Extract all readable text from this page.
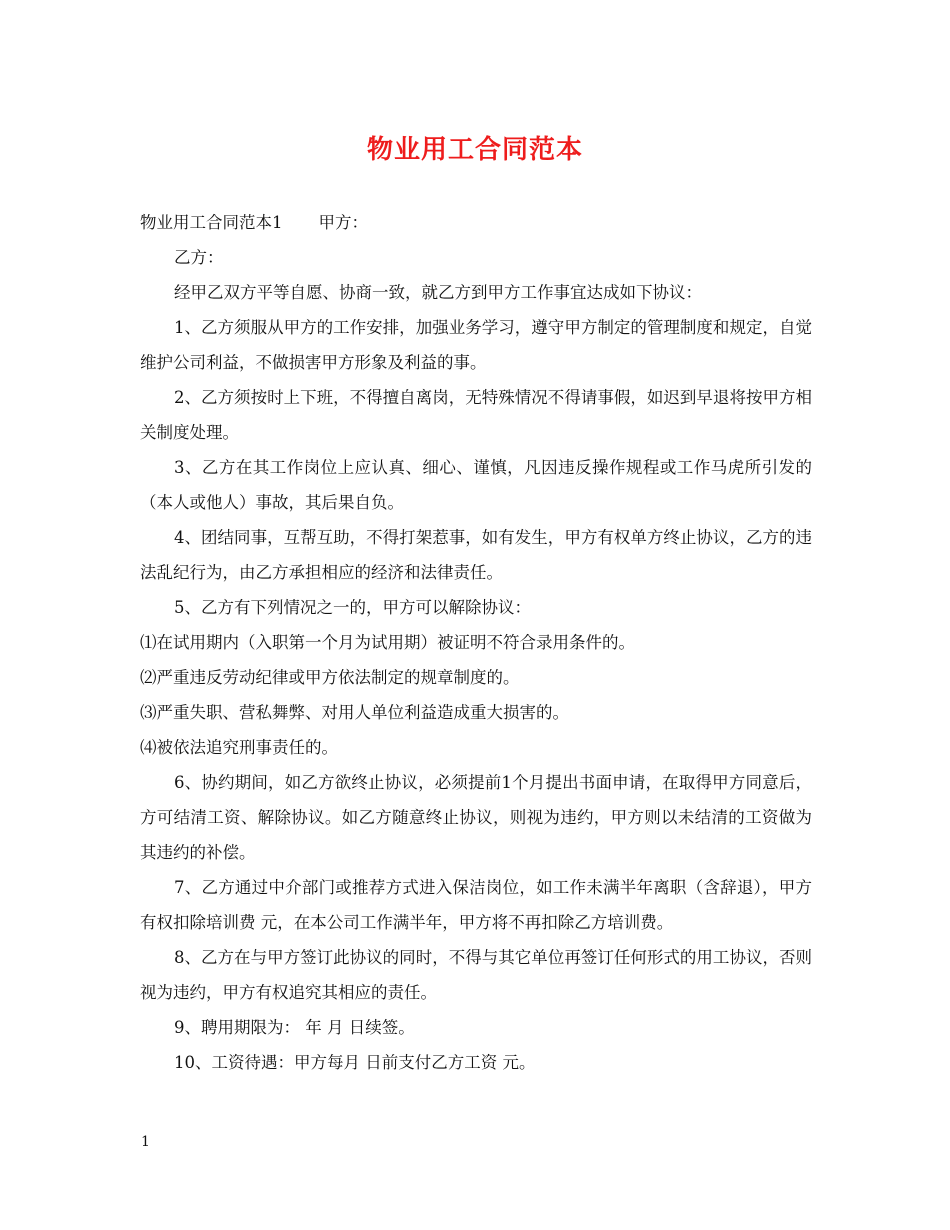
物业用工合同范本

物业用工合同范本1 甲方：

乙方：

经甲乙双方平等自愿、协商一致，就乙方到甲方工作事宜达成如下协议：

1、乙方须服从甲方的工作安排，加强业务学习，遵守甲方制定的管理制度和规定，自觉维护公司利益，不做损害甲方形象及利益的事。

2、乙方须按时上下班，不得擅自离岗，无特殊情况不得请事假，如迟到早退将按甲方相关制度处理。

3、乙方在其工作岗位上应认真、细心、谨慎，凡因违反操作规程或工作马虎所引发的（本人或他人）事故，其后果自负。

4、团结同事，互帮互助，不得打架惹事，如有发生，甲方有权单方终止协议，乙方的违法乱纪行为，由乙方承担相应的经济和法律责任。

5、乙方有下列情况之一的，甲方可以解除协议：

⑴在试用期内（入职第一个月为试用期）被证明不符合录用条件的。

⑵严重违反劳动纪律或甲方依法制定的规章制度的。

⑶严重失职、营私舞弊、对用人单位利益造成重大损害的。

⑷被依法追究刑事责任的。

6、协约期间，如乙方欲终止协议，必须提前1个月提出书面申请，在取得甲方同意后，方可结清工资、解除协议。如乙方随意终止协议，则视为违约，甲方则以未结清的工资做为其违约的补偿。

7、乙方通过中介部门或推荐方式进入保洁岗位，如工作未满半年离职（含辞退），甲方有权扣除培训费 元，在本公司工作满半年，甲方将不再扣除乙方培训费。

8、乙方在与甲方签订此协议的同时，不得与其它单位再签订任何形式的用工协议，否则视为违约，甲方有权追究其相应的责任。

9、聘用期限为： 年 月 日续签。

10、工资待遇：甲方每月 日前支付乙方工资 元。

1
